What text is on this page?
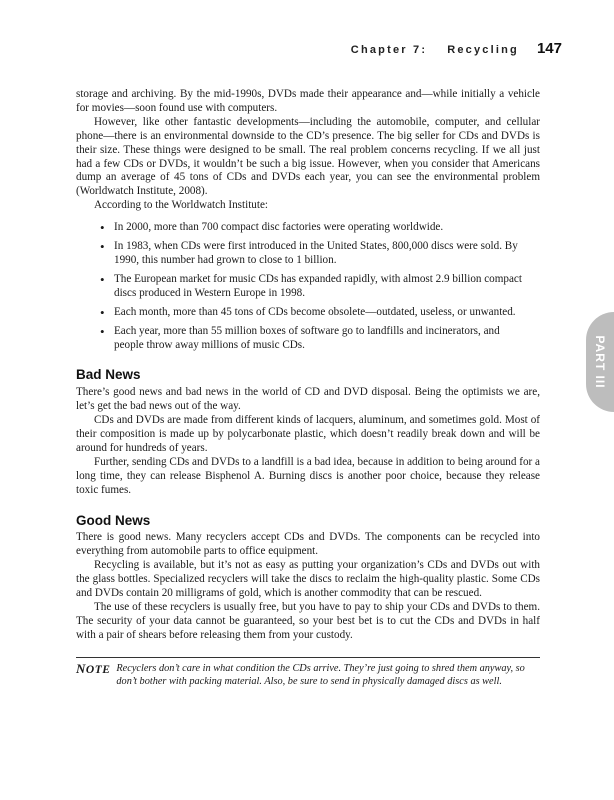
Chapter 7: Recycling 147
PART III

storage and archiving. By the mid-1990s, DVDs made their appearance and—while initially a vehicle for movies—soon found use with computers.

However, like other fantastic developments—including the automobile, computer, and cellular phone—there is an environmental downside to the CD’s presence. The big seller for CDs and DVDs is their size. These things were designed to be small. The real problem concerns recycling. If we all just had a few CDs or DVDs, it wouldn’t be such a big issue. However, when you consider that Americans dump an average of 45 tons of CDs and DVDs each year, you can see the environmental problem (Worldwatch Institute, 2008).

According to the Worldwatch Institute:

• In 2000, more than 700 compact disc factories were operating worldwide.
• In 1983, when CDs were first introduced in the United States, 800,000 discs were sold. By 1990, this number had grown to close to 1 billion.
• The European market for music CDs has expanded rapidly, with almost 2.9 billion compact discs produced in Western Europe in 1998.
• Each month, more than 45 tons of CDs become obsolete—outdated, useless, or unwanted.
• Each year, more than 55 million boxes of software go to landfills and incinerators, and people throw away millions of music CDs.
Bad News

There’s good news and bad news in the world of CD and DVD disposal. Being the optimists we are, let’s get the bad news out of the way.

CDs and DVDs are made from different kinds of lacquers, aluminum, and sometimes gold. Most of their composition is made up by polycarbonate plastic, which doesn’t readily break down and will be around for hundreds of years.

Further, sending CDs and DVDs to a landfill is a bad idea, because in addition to being around for a long time, they can release Bisphenol A. Burning discs is another poor choice, because they release toxic fumes.

Good News

There is good news. Many recyclers accept CDs and DVDs. The components can be recycled into everything from automobile parts to office equipment.

Recycling is available, but it’s not as easy as putting your organization’s CDs and DVDs out with the glass bottles. Specialized recyclers will take the discs to reclaim the high-quality plastic. Some CDs and DVDs contain 20 milligrams of gold, which is another commodity that can be rescued.

The use of these recyclers is usually free, but you have to pay to ship your CDs and DVDs to them. The security of your data cannot be guaranteed, so your best bet is to cut the CDs and DVDs in half with a pair of shears before releasing them from your custody.

NOTE Recyclers don’t care in what condition the CDs arrive. They’re just going to shred them anyway, so don’t bother with packing material. Also, be sure to send in physically damaged discs as well.
